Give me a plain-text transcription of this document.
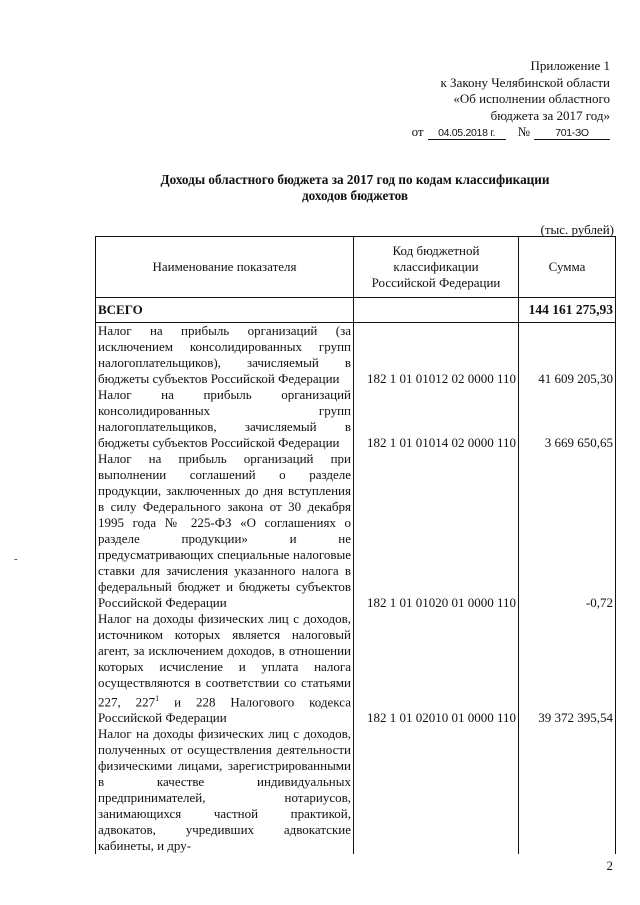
Приложение 1
к Закону Челябинской области
«Об исполнении областного
бюджета за 2017 год»
от	04.05.2018 г.	№	701-ЗО
Доходы областного бюджета за 2017 год по кодам классификации
доходов бюджетов
(тыс. рублей)
Наименование показателя	Код бюджетной классификации Российской Федерации	Сумма
ВСЕГО		144 161 275,93
Налог на прибыль организаций (за исключением консолидированных групп налогоплательщиков), зачисляемый в бюджеты субъектов Российской Федерации	182 1 01 01012 02 0000 110	41 609 205,30
Налог на прибыль организаций консолидированных групп налогоплательщиков, зачисляемый в бюджеты субъектов Российской Федерации	182 1 01 01014 02 0000 110	3 669 650,65
Налог на прибыль организаций при выполнении соглашений о разделе продукции, заключенных до дня вступления в силу Федерального закона от 30 декабря 1995 года № 225-ФЗ «О соглашениях о разделе продукции» и не предусматривающих специальные налоговые ставки для зачисления указанного налога в федеральный бюджет и бюджеты субъектов Российской Федерации	182 1 01 01020 01 0000 110	-0,72
Налог на доходы физических лиц с доходов, источником которых является налоговый агент, за исключением доходов, в отношении которых исчисление и уплата налога осуществляются в соответствии со статьями 227, $227^1$ и 228 Налогового кодекса Российской Федерации	182 1 01 02010 01 0000 110	39 372 395,54
Налог на доходы физических лиц с доходов, полученных от осуществления деятельности физическими лицами, зарегистрированными в качестве индивидуальных предпринимателей, нотариусов, занимающихся частной практикой, адвокатов, учредивших адвокатские кабинеты, и дру-		
-
2
